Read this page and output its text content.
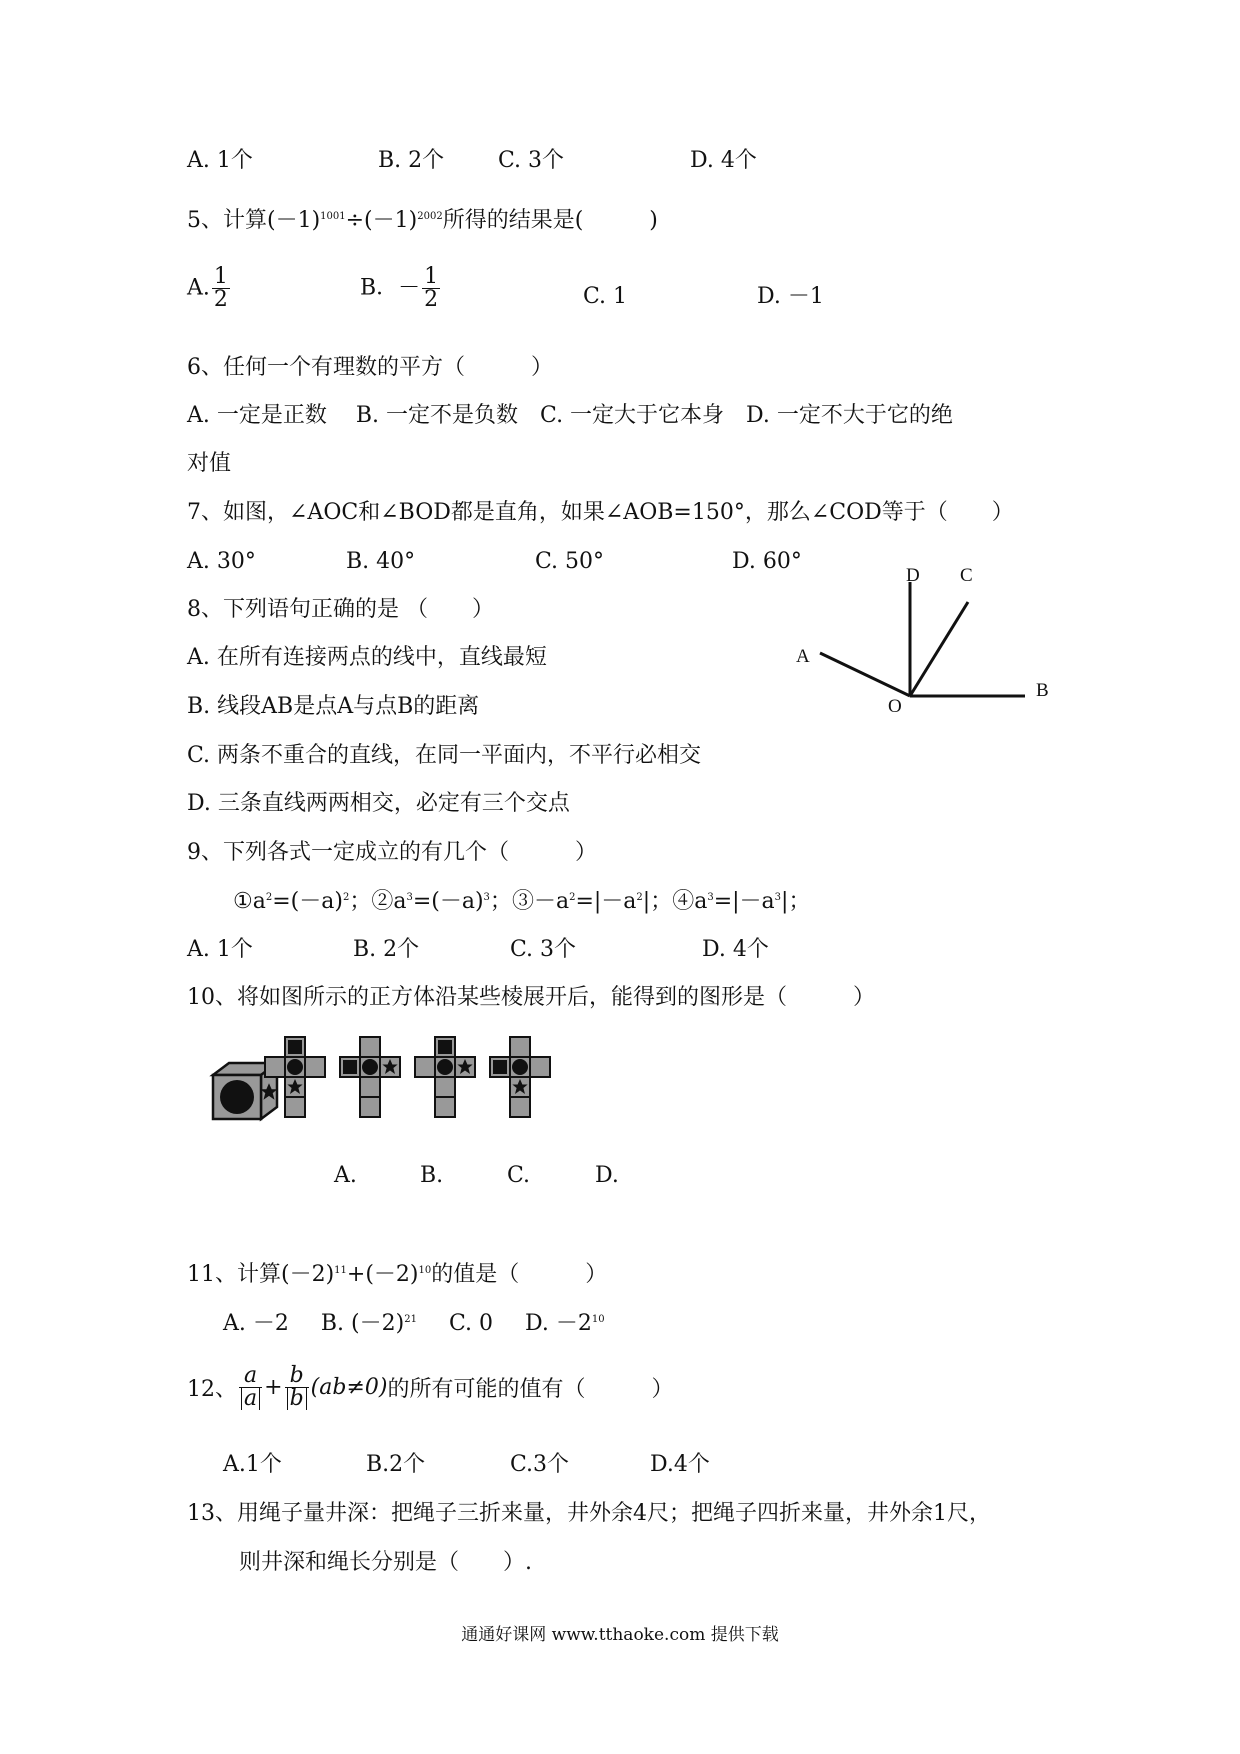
A. 1个	B. 2个 C. 3个	D. 4个
5、计算$(-1)^{1001}\div(-1)^{2002}$所得的结果是(　　　)
A. $\frac{1}{2}$	B．－ $\frac{1}{2}$	C. 1	D. －1
6、任何一个有理数的平方（　　　）
A. 一定是正数　 B. 一定不是负数　C. 一定大于它本身　D. 一定不大于它的绝
对值
7、如图，∠AOC和∠BOD都是直角，如果∠AOB=150°，那么∠COD等于（　　）
A. 30°	B. 40°	C. 50°	D. 60°
D C
A
O
B
8、下列语句正确的是 （　　）
A. 在所有连接两点的线中，直线最短
B. 线段AB是点A与点B的距离
C. 两条不重合的直线，在同一平面内，不平行必相交
D. 三条直线两两相交，必定有三个交点
9、下列各式一定成立的有几个（　　　）
$①a^2=(-a)^2$；$②a^3=(-a)^3$；$③-a^2=|-a^2|$；$④a^3=|-a^3|$；
A. 1个	B. 2个	C. 3个	D. 4个
10、将如图所示的正方体沿某些棱展开后，能得到的图形是（　　　）
A.	B.	C.	D.
11、计算$(-2)^{11}+(-2)^{10}$的值是（　　　）
A. －2 B. $(-2)^{21}$ C. 0 D. $-2^{10}$
12、 $\frac{a}{a} + \frac{b}{b} (ab\ne 0)$的所有可能的值有（　　　）
A.1个	B.2个	C.3个	D.4个
13、用绳子量井深：把绳子三折来量，井外余4尺；把绳子四折来量，井外余1尺，
则井深和绳长分别是（　　）.
通通好课网 www.tthaoke.com 提供下载
